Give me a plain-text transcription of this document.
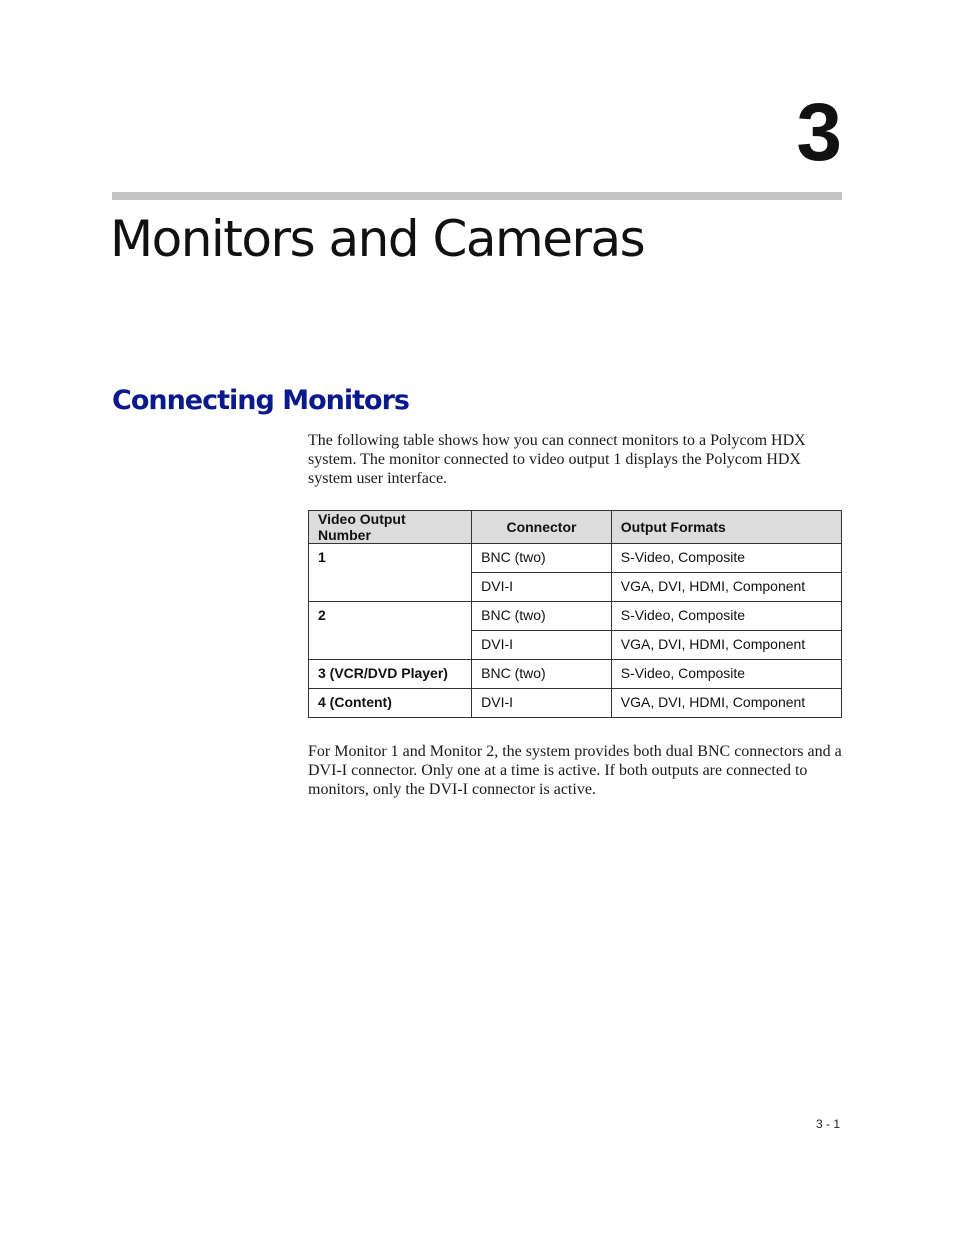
3
Monitors and Cameras
Connecting Monitors

The following table shows how you can connect monitors to a Polycom HDX system. The monitor connected to video output 1 displays the Polycom HDX system user interface.

Video Output Number	Connector	Output Formats
1	BNC (two)	S-Video, Composite
	DVI-I	VGA, DVI, HDMI, Component
2	BNC (two)	S-Video, Composite
	DVI-I	VGA, DVI, HDMI, Component
3 (VCR/DVD Player)	BNC (two)	S-Video, Composite
4 (Content)	DVI-I	VGA, DVI, HDMI, Component

For Monitor 1 and Monitor 2, the system provides both dual BNC connectors and a DVI-I connector. Only one at a time is active. If both outputs are connected to monitors, only the DVI-I connector is active.

3 - 1
